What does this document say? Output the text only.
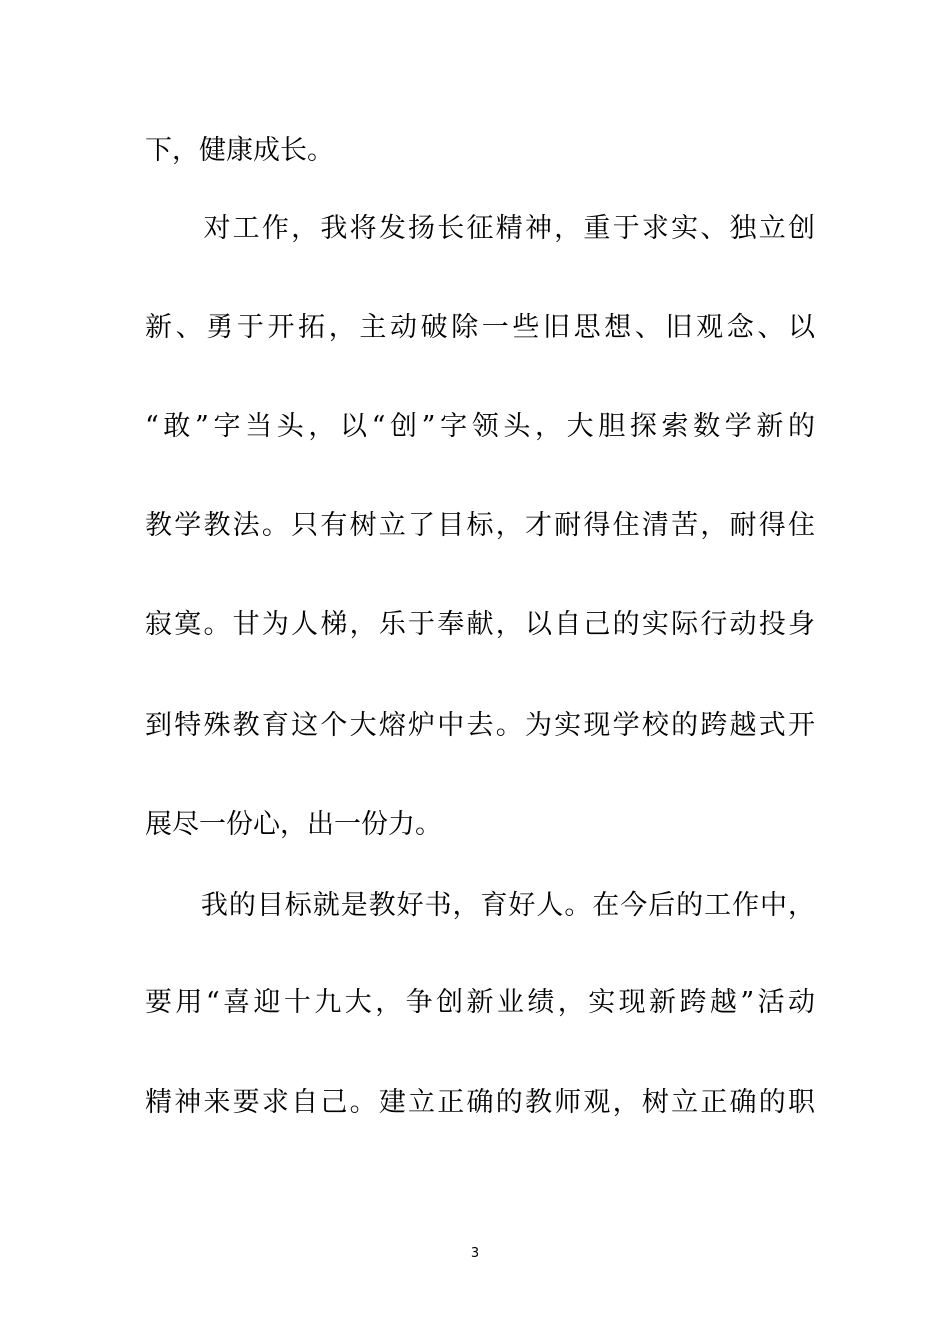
下，健康成长。
　　对工作，我将发扬长征精神，重于求实、独立创
新、勇于开拓，主动破除一些旧思想、旧观念、以
“敢”字当头，以“创”字领头，大胆探索数学新的
教学教法。只有树立了目标，才耐得住清苦，耐得住
寂寞。甘为人梯，乐于奉献，以自己的实际行动投身
到特殊教育这个大熔炉中去。为实现学校的跨越式开
展尽一份心，出一份力。
　　我的目标就是教好书，育好人。在今后的工作中，
要用“喜迎十九大，争创新业绩，实现新跨越”活动
精神来要求自己。建立正确的教师观，树立正确的职
3
